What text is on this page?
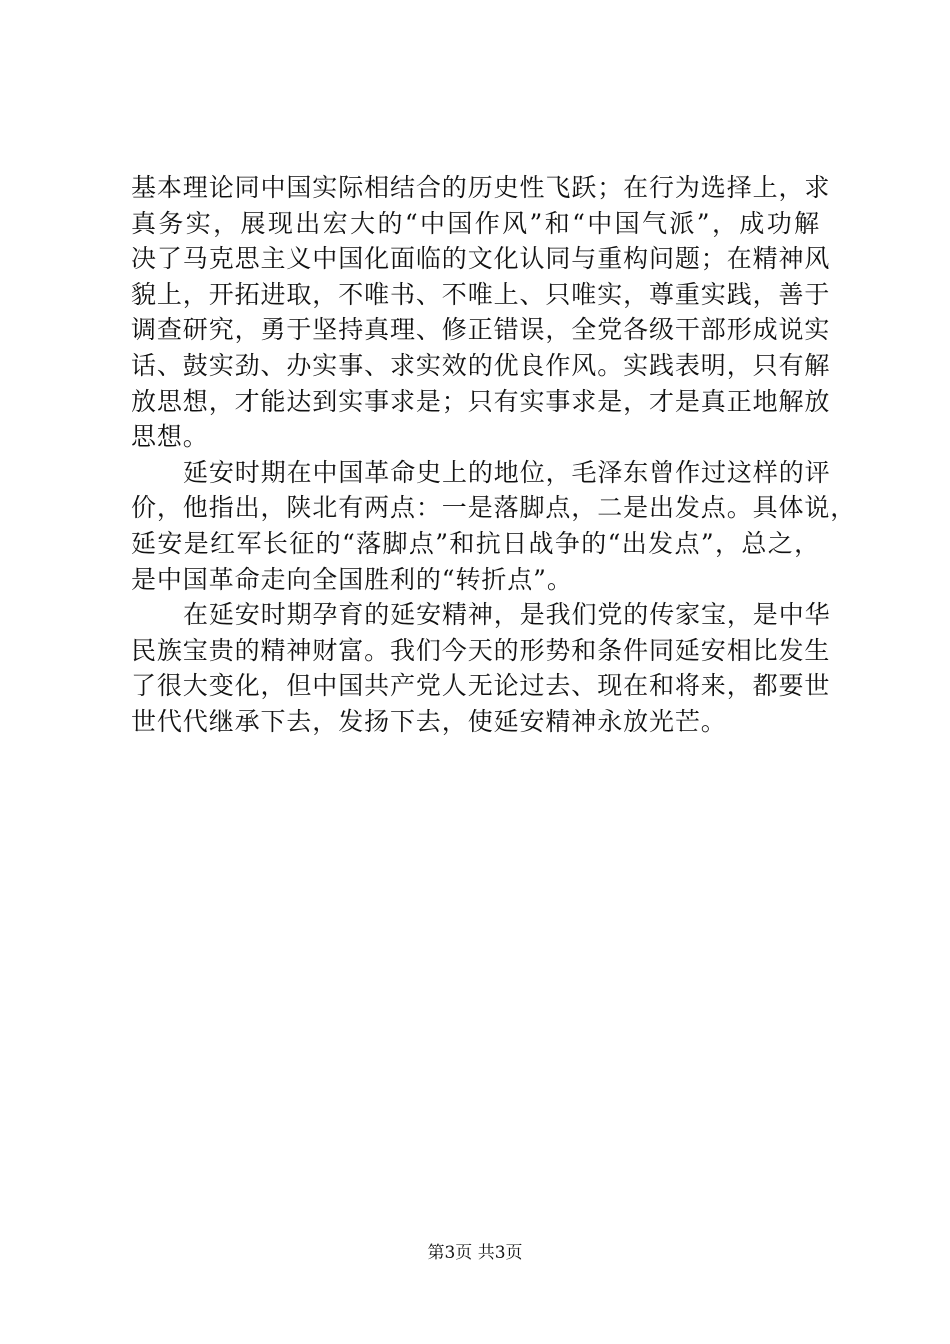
基本理论同中国实际相结合的历史性飞跃；在行为选择上，求
真务实，展现出宏大的“中国作风”和“中国气派”，成功解
决了马克思主义中国化面临的文化认同与重构问题；在精神风
貌上，开拓进取，不唯书、不唯上、只唯实，尊重实践，善于
调查研究，勇于坚持真理、修正错误，全党各级干部形成说实
话、鼓实劲、办实事、求实效的优良作风。实践表明，只有解
放思想，才能达到实事求是；只有实事求是，才是真正地解放
思想。
延安时期在中国革命史上的地位，毛泽东曾作过这样的评
价，他指出，陕北有两点：一是落脚点，二是出发点。具体说，
延安是红军长征的“落脚点”和抗日战争的“出发点”，总之，
是中国革命走向全国胜利的“转折点”。
在延安时期孕育的延安精神，是我们党的传家宝，是中华
民族宝贵的精神财富。我们今天的形势和条件同延安相比发生
了很大变化，但中国共产党人无论过去、现在和将来，都要世
世代代继承下去，发扬下去，使延安精神永放光芒。
第3页 共3页
